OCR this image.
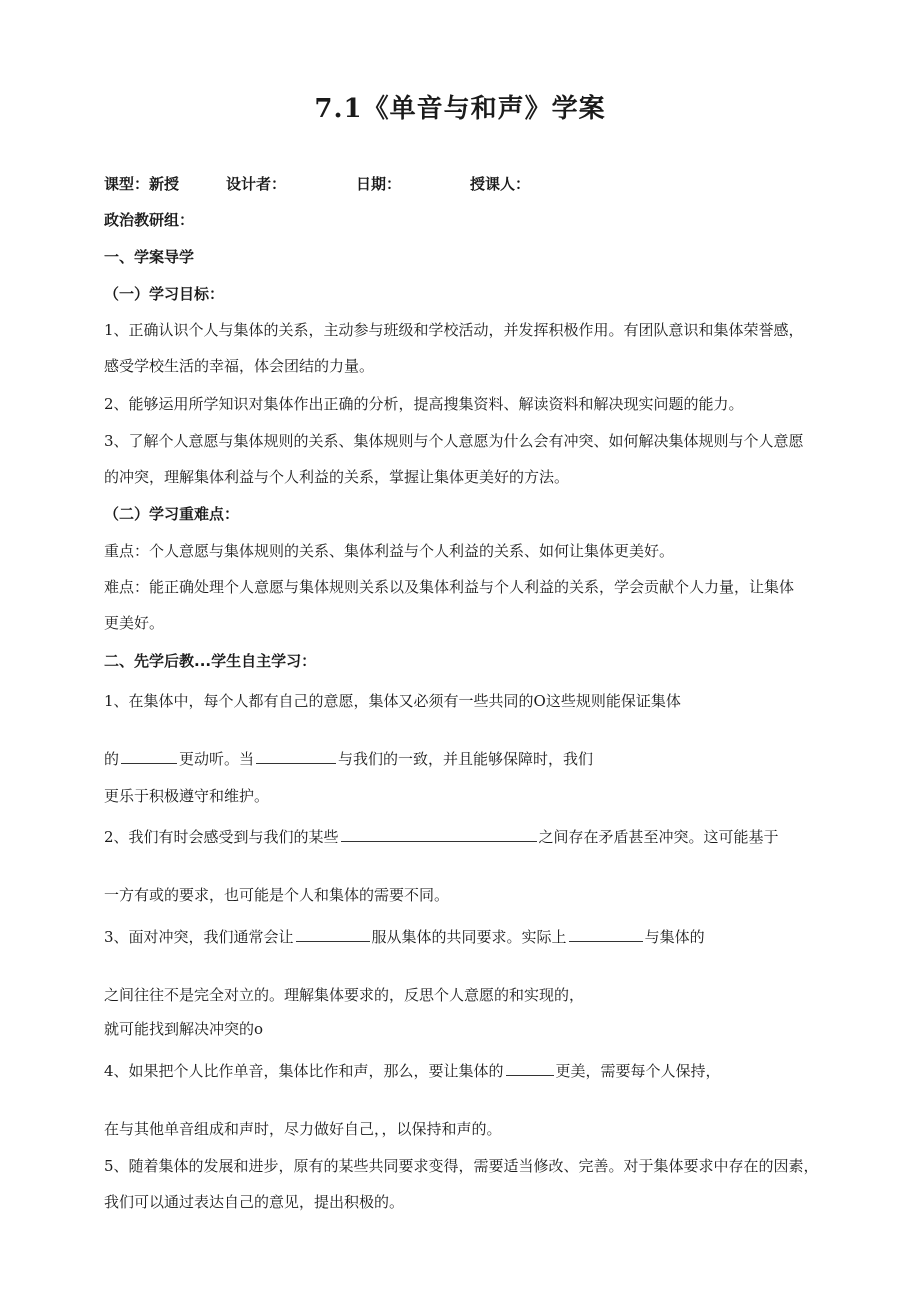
7.1《单音与和声》学案
课型：新授	设计者：	日期：	授课人：
政治教研组：
一、学案导学
（一）学习目标：
1、正确认识个人与集体的关系，主动参与班级和学校活动，并发挥积极作用。有团队意识和集体荣誉感，
感受学校生活的幸福，体会团结的力量。
2、能够运用所学知识对集体作出正确的分析，提高搜集资料、解读资料和解决现实问题的能力。
3、了解个人意愿与集体规则的关系、集体规则与个人意愿为什么会有冲突、如何解决集体规则与个人意愿
的冲突，理解集体利益与个人利益的关系，掌握让集体更美好的方法。
（二）学习重难点：
重点：个人意愿与集体规则的关系、集体利益与个人利益的关系、如何让集体更美好。
难点：能正确处理个人意愿与集体规则关系以及集体利益与个人利益的关系，学会贡献个人力量，让集体
更美好。
二、先学后教...学生自主学习：
1、在集体中，每个人都有自己的意愿，集体又必须有一些共同的O这些规则能保证集体
的	更动听。当	与我们的一致，并且能够保障时，我们
更乐于积极遵守和维护。
2、我们有时会感受到与我们的某些	之间存在矛盾甚至冲突。这可能基于
一方有或的要求，也可能是个人和集体的需要不同。
3、面对冲突，我们通常会让	服从集体的共同要求。实际上	与集体的
之间往往不是完全对立的。理解集体要求的，反思个人意愿的和实现的，
就可能找到解决冲突的o
4、如果把个人比作单音，集体比作和声，那么，要让集体的	更美，需要每个人保持，
在与其他单音组成和声时，尽力做好自己，，以保持和声的。
5、随着集体的发展和进步，原有的某些共同要求变得，需要适当修改、完善。对于集体要求中存在的因素，
我们可以通过表达自己的意见，提出积极的。
